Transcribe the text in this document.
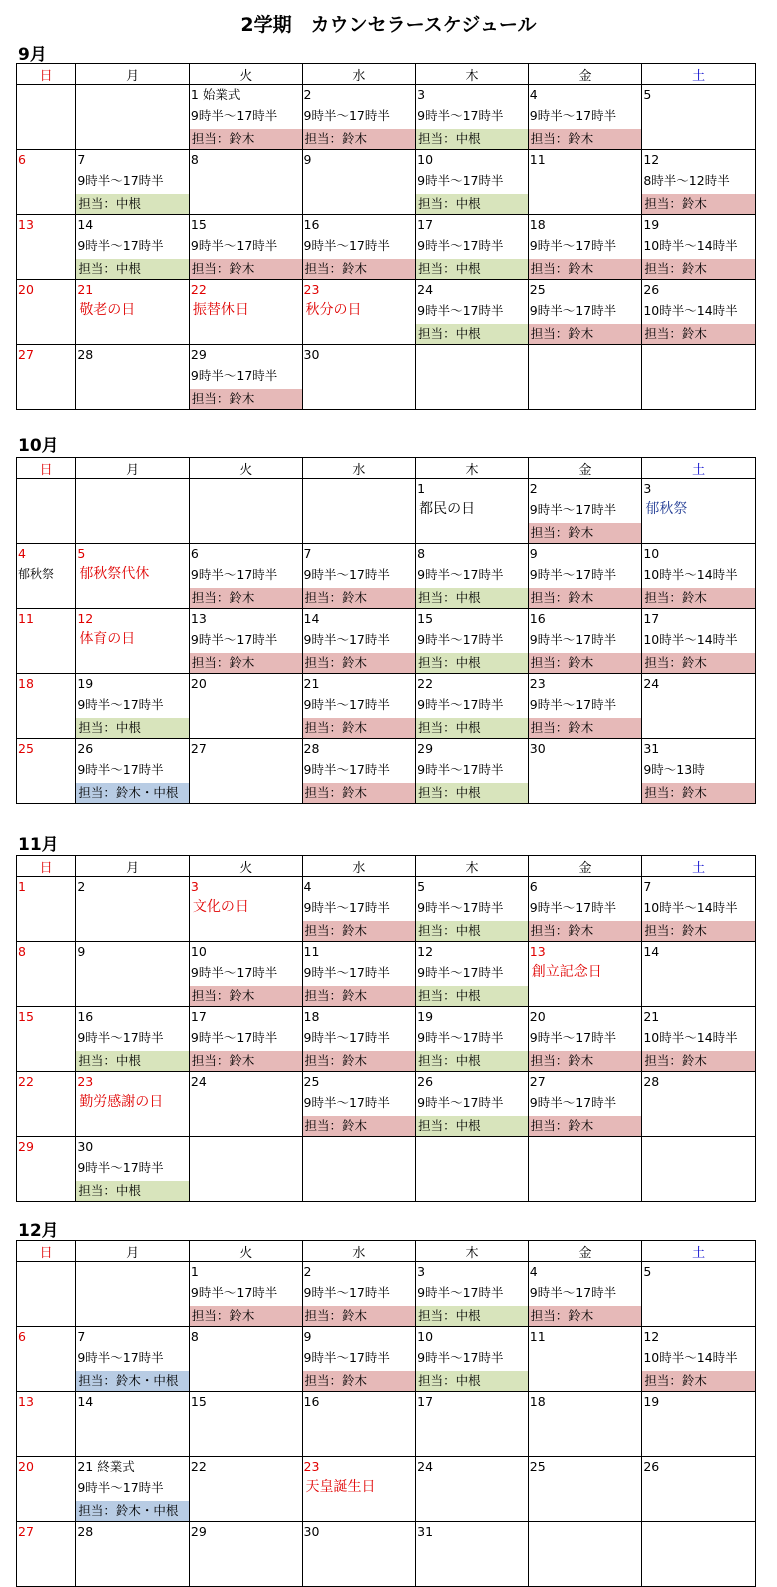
2学期　カウンセラースケジュール
9月
日	月	火	水	木	金	土

		1 始業式
9時半～17時半
担当：鈴木	2
9時半～17時半
担当：鈴木	3
9時半～17時半
担当：中根	4
9時半～17時半
担当：鈴木	5

6	7
9時半～17時半
担当：中根	8	9	10
9時半～17時半
担当：中根	11	12
8時半～12時半
担当：鈴木

13	14
9時半～17時半
担当：中根	15
9時半～17時半
担当：鈴木	16
9時半～17時半
担当：鈴木	17
9時半～17時半
担当：中根	18
9時半～17時半
担当：鈴木	19
10時半～14時半
担当：鈴木

20	21
敬老の日	22
振替休日	23
秋分の日	24
9時半～17時半
担当：中根	25
9時半～17時半
担当：鈴木	26
10時半～14時半
担当：鈴木

27	28	29
9時半～17時半
担当：鈴木	30			

10月
日	月	火	水	木	金	土

				1
都民の日	2
9時半～17時半
担当：鈴木	3
郁秋祭

4
郁秋祭	5
郁秋祭代休	6
9時半～17時半
担当：鈴木	7
9時半～17時半
担当：鈴木	8
9時半～17時半
担当：中根	9
9時半～17時半
担当：鈴木	10
10時半～14時半
担当：鈴木

11	12
体育の日	13
9時半～17時半
担当：鈴木	14
9時半～17時半
担当：鈴木	15
9時半～17時半
担当：中根	16
9時半～17時半
担当：鈴木	17
10時半～14時半
担当：鈴木

18	19
9時半～17時半
担当：中根	20	21
9時半～17時半
担当：鈴木	22
9時半～17時半
担当：中根	23
9時半～17時半
担当：鈴木	24

25	26
9時半～17時半
担当：鈴木・中根	27	28
9時半～17時半
担当：鈴木	29
9時半～17時半
担当：中根	30	31
9時～13時
担当：鈴木
11月
日	月	火	水	木	金	土

1	2	3
文化の日	4
9時半～17時半
担当：鈴木	5
9時半～17時半
担当：中根	6
9時半～17時半
担当：鈴木	7
10時半～14時半
担当：鈴木

8	9	10
9時半～17時半
担当：鈴木	11
9時半～17時半
担当：鈴木	12
9時半～17時半
担当：中根	13
創立記念日	14

15	16
9時半～17時半
担当：中根	17
9時半～17時半
担当：鈴木	18
9時半～17時半
担当：鈴木	19
9時半～17時半
担当：中根	20
9時半～17時半
担当：鈴木	21
10時半～14時半
担当：鈴木

22	23
勤労感謝の日	24	25
9時半～17時半
担当：鈴木	26
9時半～17時半
担当：中根	27
9時半～17時半
担当：鈴木	28

29	30
9時半～17時半
担当：中根					

12月
日	月	火	水	木	金	土

		1
9時半～17時半
担当：鈴木	2
9時半～17時半
担当：鈴木	3
9時半～17時半
担当：中根	4
9時半～17時半
担当：鈴木	5

6	7
9時半～17時半
担当：鈴木・中根	8	9
9時半～17時半
担当：鈴木	10
9時半～17時半
担当：中根	11	12
10時半～14時半
担当：鈴木

13	14	15	16	17	18	19

20	21 終業式
9時半～17時半
担当：鈴木・中根	22	23
天皇誕生日	24	25	26

27	28	29	30	31		
